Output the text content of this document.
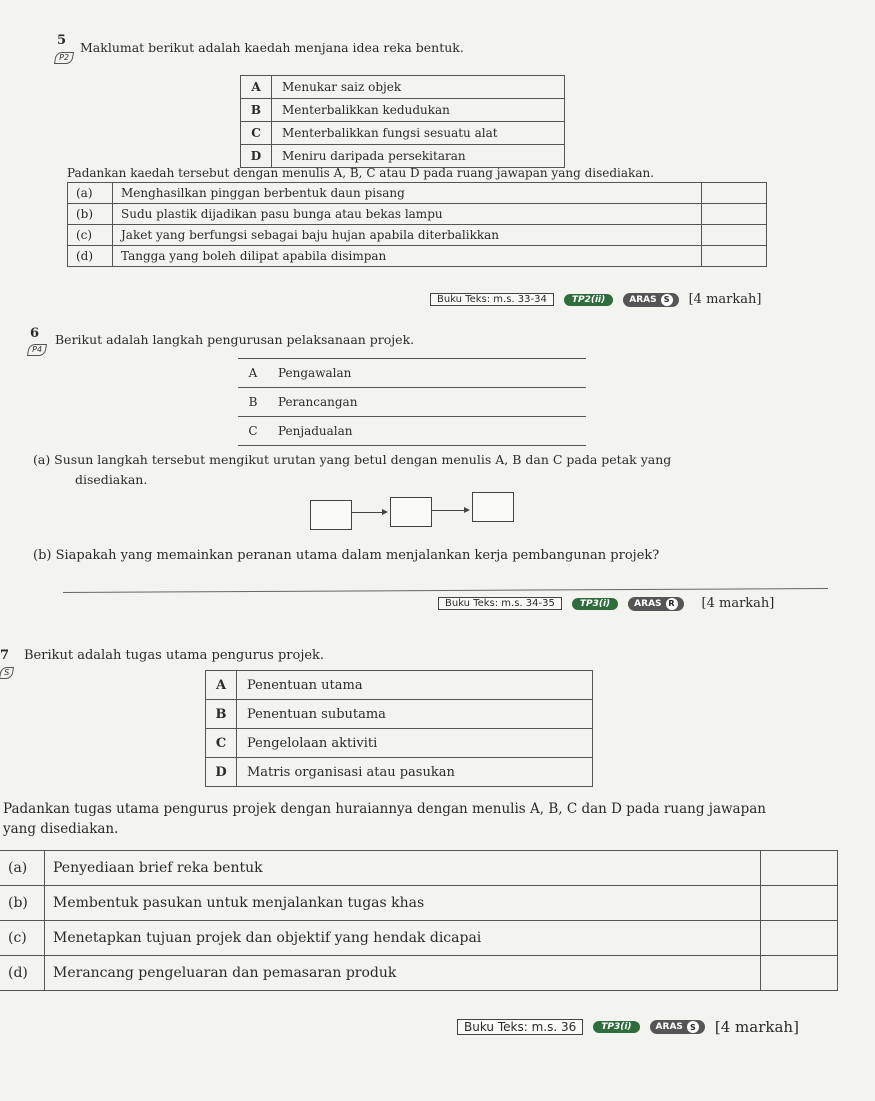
5
P2
Maklumat berikut adalah kaedah menjana idea reka bentuk.
A	Menukar saiz objek
B	Menterbalikkan kedudukan
C	Menterbalikkan fungsi sesuatu alat
D	Meniru daripada persekitaran
Padankan kaedah tersebut dengan menulis A, B, C atau D pada ruang jawapan yang disediakan.
(a)	Menghasilkan pinggan berbentuk daun pisang	
(b)	Sudu plastik dijadikan pasu bunga atau bekas lampu	
(c)	Jaket yang berfungsi sebagai baju hujan apabila diterbalikkan	
(d)	Tangga yang boleh dilipat apabila disimpan	
Buku Teks: m.s. 33-34	TP2(ii)	ARAS S [4 markah]
6
P4
Berikut adalah langkah pengurusan pelaksanaan projek.
A	Pengawalan
B	Perancangan
C	Penjadualan
(a) Susun langkah tersebut mengikut urutan yang betul dengan menulis A, B dan C pada petak yang
disediakan.
(b) Siapakah yang memainkan peranan utama dalam menjalankan kerja pembangunan projek?
Buku Teks: m.s. 34-35	TP3(i)	ARAS R [4 markah]
7
S
Berikut adalah tugas utama pengurus projek.
A	Penentuan utama
B	Penentuan subutama
C	Pengelolaan aktiviti
D	Matris organisasi atau pasukan
Padankan tugas utama pengurus projek dengan huraiannya dengan menulis A, B, C dan D pada ruang jawapan
yang disediakan.
(a)	Penyediaan brief reka bentuk	
(b)	Membentuk pasukan untuk menjalankan tugas khas	
(c)	Menetapkan tujuan projek dan objektif yang hendak dicapai	
(d)	Merancang pengeluaran dan pemasaran produk	
Buku Teks: m.s. 36	TP3(i)	ARAS S [4 markah]
